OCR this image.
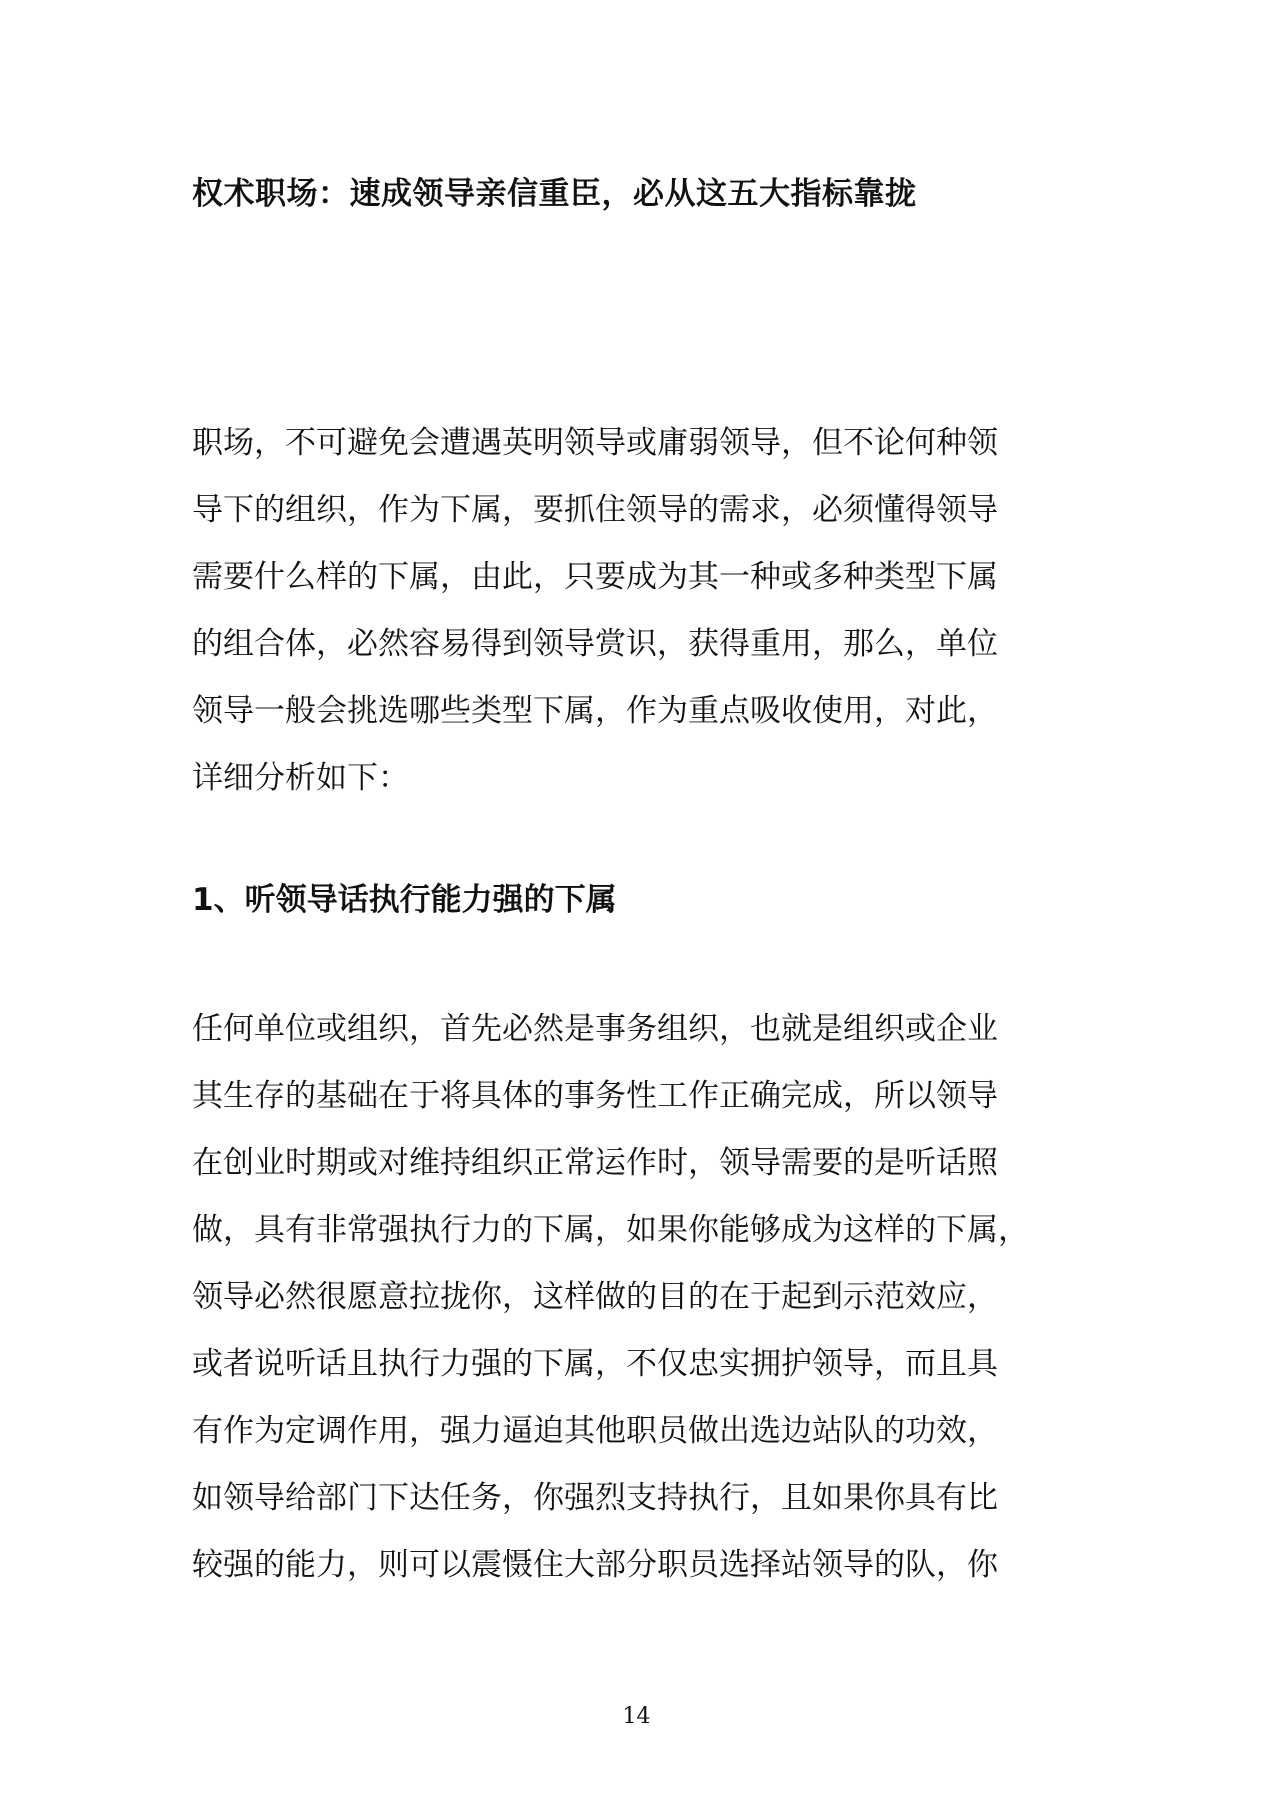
权术职场：速成领导亲信重臣，必从这五大指标靠拢

职场，不可避免会遭遇英明领导或庸弱领导，但不论何种领
导下的组织，作为下属，要抓住领导的需求，必须懂得领导
需要什么样的下属，由此，只要成为其一种或多种类型下属
的组合体，必然容易得到领导赏识，获得重用，那么，单位
领导一般会挑选哪些类型下属，作为重点吸收使用，对此，
详细分析如下：

1、听领导话执行能力强的下属

任何单位或组织，首先必然是事务组织，也就是组织或企业
其生存的基础在于将具体的事务性工作正确完成，所以领导
在创业时期或对维持组织正常运作时，领导需要的是听话照
做，具有非常强执行力的下属，如果你能够成为这样的下属，
领导必然很愿意拉拢你，这样做的目的在于起到示范效应，
或者说听话且执行力强的下属，不仅忠实拥护领导，而且具
有作为定调作用，强力逼迫其他职员做出选边站队的功效，
如领导给部门下达任务，你强烈支持执行，且如果你具有比
较强的能力，则可以震慑住大部分职员选择站领导的队，你

14
